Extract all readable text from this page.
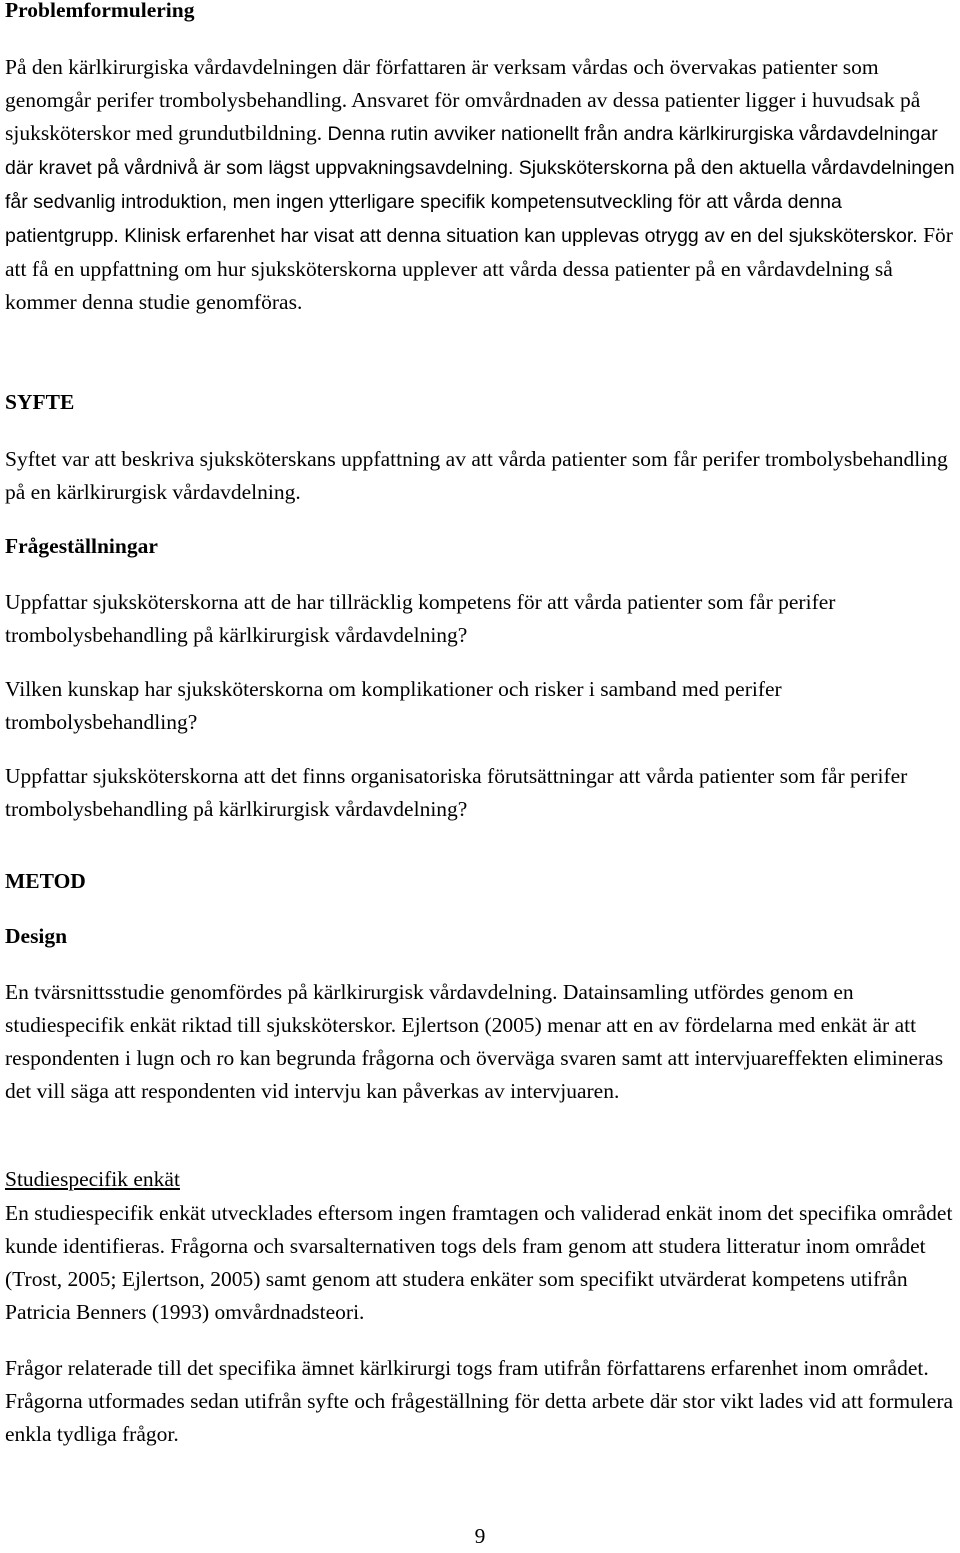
Problemformulering

På den kärlkirurgiska vårdavdelningen där författaren är verksam vårdas och övervakas patienter som genomgår perifer trombolysbehandling. Ansvaret för omvårdnaden av dessa patienter ligger i huvudsak på sjuksköterskor med grundutbildning. Denna rutin avviker nationellt från andra kärlkirurgiska vårdavdelningar där kravet på vårdnivå är som lägst uppvakningsavdelning. Sjuksköterskorna på den aktuella vårdavdelningen får sedvanlig introduktion, men ingen ytterligare specifik kompetensutveckling för att vårda denna patientgrupp. Klinisk erfarenhet har visat att denna situation kan upplevas otrygg av en del sjuksköterskor. För att få en uppfattning om hur sjuksköterskorna upplever att vårda dessa patienter på en vårdavdelning så kommer denna studie genomföras.

SYFTE

Syftet var att beskriva sjuksköterskans uppfattning av att vårda patienter som får perifer trombolysbehandling på en kärlkirurgisk vårdavdelning.

Frågeställningar

Uppfattar sjuksköterskorna att de har tillräcklig kompetens för att vårda patienter som får perifer trombolysbehandling på kärlkirurgisk vårdavdelning?

Vilken kunskap har sjuksköterskorna om komplikationer och risker i samband med perifer trombolysbehandling?

Uppfattar sjuksköterskorna att det finns organisatoriska förutsättningar att vårda patienter som får perifer trombolysbehandling på kärlkirurgisk vårdavdelning?

METOD

Design

En tvärsnittsstudie genomfördes på kärlkirurgisk vårdavdelning. Datainsamling utfördes genom en studiespecifik enkät riktad till sjuksköterskor. Ejlertson (2005) menar att en av fördelarna med enkät är att respondenten i lugn och ro kan begrunda frågorna och överväga svaren samt att intervjuareffekten elimineras det vill säga att respondenten vid intervju kan påverkas av intervjuaren.

Studiespecifik enkät

En studiespecifik enkät utvecklades eftersom ingen framtagen och validerad enkät inom det specifika området kunde identifieras. Frågorna och svarsalternativen togs dels fram genom att studera litteratur inom området (Trost, 2005; Ejlertson, 2005) samt genom att studera enkäter som specifikt utvärderat kompetens utifrån Patricia Benners (1993) omvårdnadsteori.

Frågor relaterade till det specifika ämnet kärlkirurgi togs fram utifrån författarens erfarenhet inom området. Frågorna utformades sedan utifrån syfte och frågeställning för detta arbete där stor vikt lades vid att formulera enkla tydliga frågor.

9
